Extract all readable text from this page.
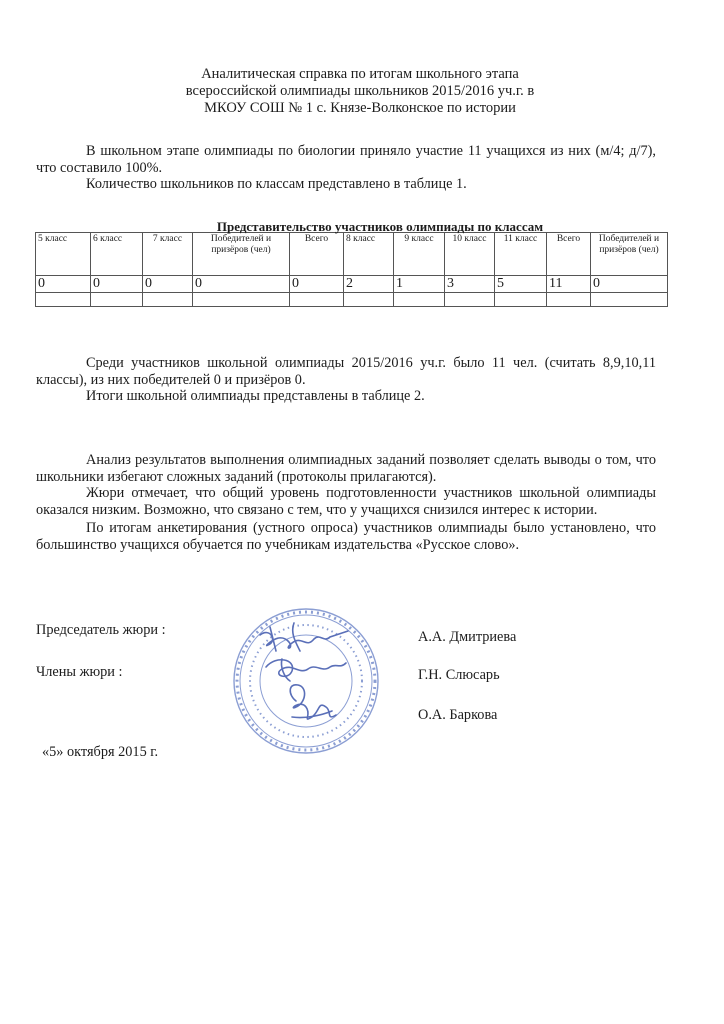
Аналитическая справка по итогам школьного этапа
всероссийской олимпиады школьников 2015/2016 уч.г. в
МКОУ СОШ № 1 с. Князе-Волконское по истории

В школьном этапе олимпиады по биологии приняло участие 11 учащихся из них (м/4; д/7), что составило 100%.

Количество школьников по классам представлено в таблице 1.

Представительство участников олимпиады по классам
5 класс	6 класс	7 класс	Победителей и призёров (чел)	Всего	8 класс	9 класс	10 класс	11 класс	Всего	Победителей и призёров (чел)
0	0	0	0	0	2	1	3	5	11	0

Среди участников школьной олимпиады 2015/2016 уч.г. было 11 чел. (считать 8,9,10,11 классы), из них победителей 0 и призёров 0.

Итоги школьной олимпиады представлены в таблице 2.

Анализ результатов выполнения олимпиадных заданий позволяет сделать выводы о том, что школьники избегают сложных заданий (протоколы прилагаются).

Жюри отмечает, что общий уровень подготовленности участников школьной олимпиады оказался низким. Возможно, что связано с тем, что у учащихся снизился интерес к истории.

По итогам анкетирования (устного опроса) участников олимпиады было установлено, что большинство учащихся обучается по учебникам издательства «Русское слово».

Председатель жюри :
Члены жюри :
А.А. Дмитриева
Г.Н. Слюсарь
О.А. Баркова
«5» октября 2015 г.
